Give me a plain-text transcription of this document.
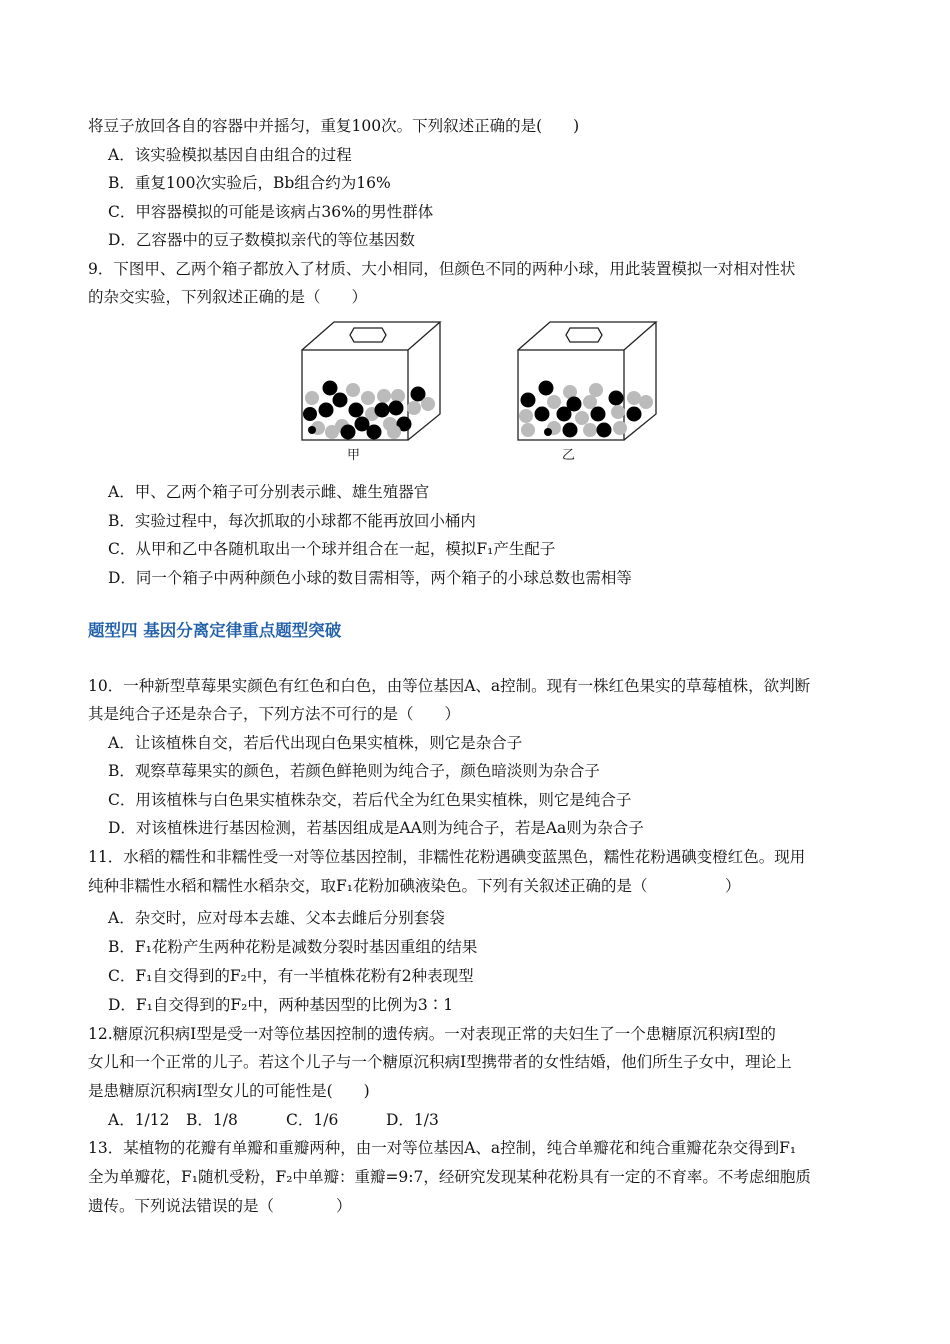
将豆子放回各自的容器中并摇匀，重复100次。下列叙述正确的是(　　)
A．该实验模拟基因自由组合的过程
B．重复100次实验后，Bb组合约为16%
C．甲容器模拟的可能是该病占36%的男性群体
D．乙容器中的豆子数模拟亲代的等位基因数
9．下图甲、乙两个箱子都放入了材质、大小相同，但颜色不同的两种小球，用此装置模拟一对相对性状
的杂交实验，下列叙述正确的是（　　）
甲	乙
A．甲、乙两个箱子可分别表示雌、雄生殖器官
B．实验过程中，每次抓取的小球都不能再放回小桶内
C．从甲和乙中各随机取出一个球并组合在一起，模拟F₁产生配子
D．同一个箱子中两种颜色小球的数目需相等，两个箱子的小球总数也需相等
题型四 基因分离定律重点题型突破
10．一种新型草莓果实颜色有红色和白色，由等位基因A、a控制。现有一株红色果实的草莓植株，欲判断
其是纯合子还是杂合子，下列方法不可行的是（　　）
A．让该植株自交，若后代出现白色果实植株，则它是杂合子
B．观察草莓果实的颜色，若颜色鲜艳则为纯合子，颜色暗淡则为杂合子
C．用该植株与白色果实植株杂交，若后代全为红色果实植株，则它是纯合子
D．对该植株进行基因检测，若基因组成是AA则为纯合子，若是Aa则为杂合子
11．水稻的糯性和非糯性受一对等位基因控制，非糯性花粉遇碘变蓝黑色，糯性花粉遇碘变橙红色。现用
纯种非糯性水稻和糯性水稻杂交，取F₁花粉加碘液染色。下列有关叙述正确的是（　　　　　）
A．杂交时，应对母本去雄、父本去雌后分别套袋
B．F₁花粉产生两种花粉是减数分裂时基因重组的结果
C．F₁自交得到的F₂中，有一半植株花粉有2种表现型
D．F₁自交得到的F₂中，两种基因型的比例为3∶1
12.糖原沉积病Ⅰ型是受一对等位基因控制的遗传病。一对表现正常的夫妇生了一个患糖原沉积病Ⅰ型的
女儿和一个正常的儿子。若这个儿子与一个糖原沉积病Ⅰ型携带者的女性结婚，他们所生子女中，理论上
是患糖原沉积病Ⅰ型女儿的可能性是(　　)
A．1/12 B．1/8	C．1/6	D．1/3
13．某植物的花瓣有单瓣和重瓣两种，由一对等位基因A、a控制，纯合单瓣花和纯合重瓣花杂交得到F₁
全为单瓣花，F₁随机受粉，F₂中单瓣：重瓣=9:7，经研究发现某种花粉具有一定的不育率。不考虑细胞质
遗传。下列说法错误的是（　　　　）
